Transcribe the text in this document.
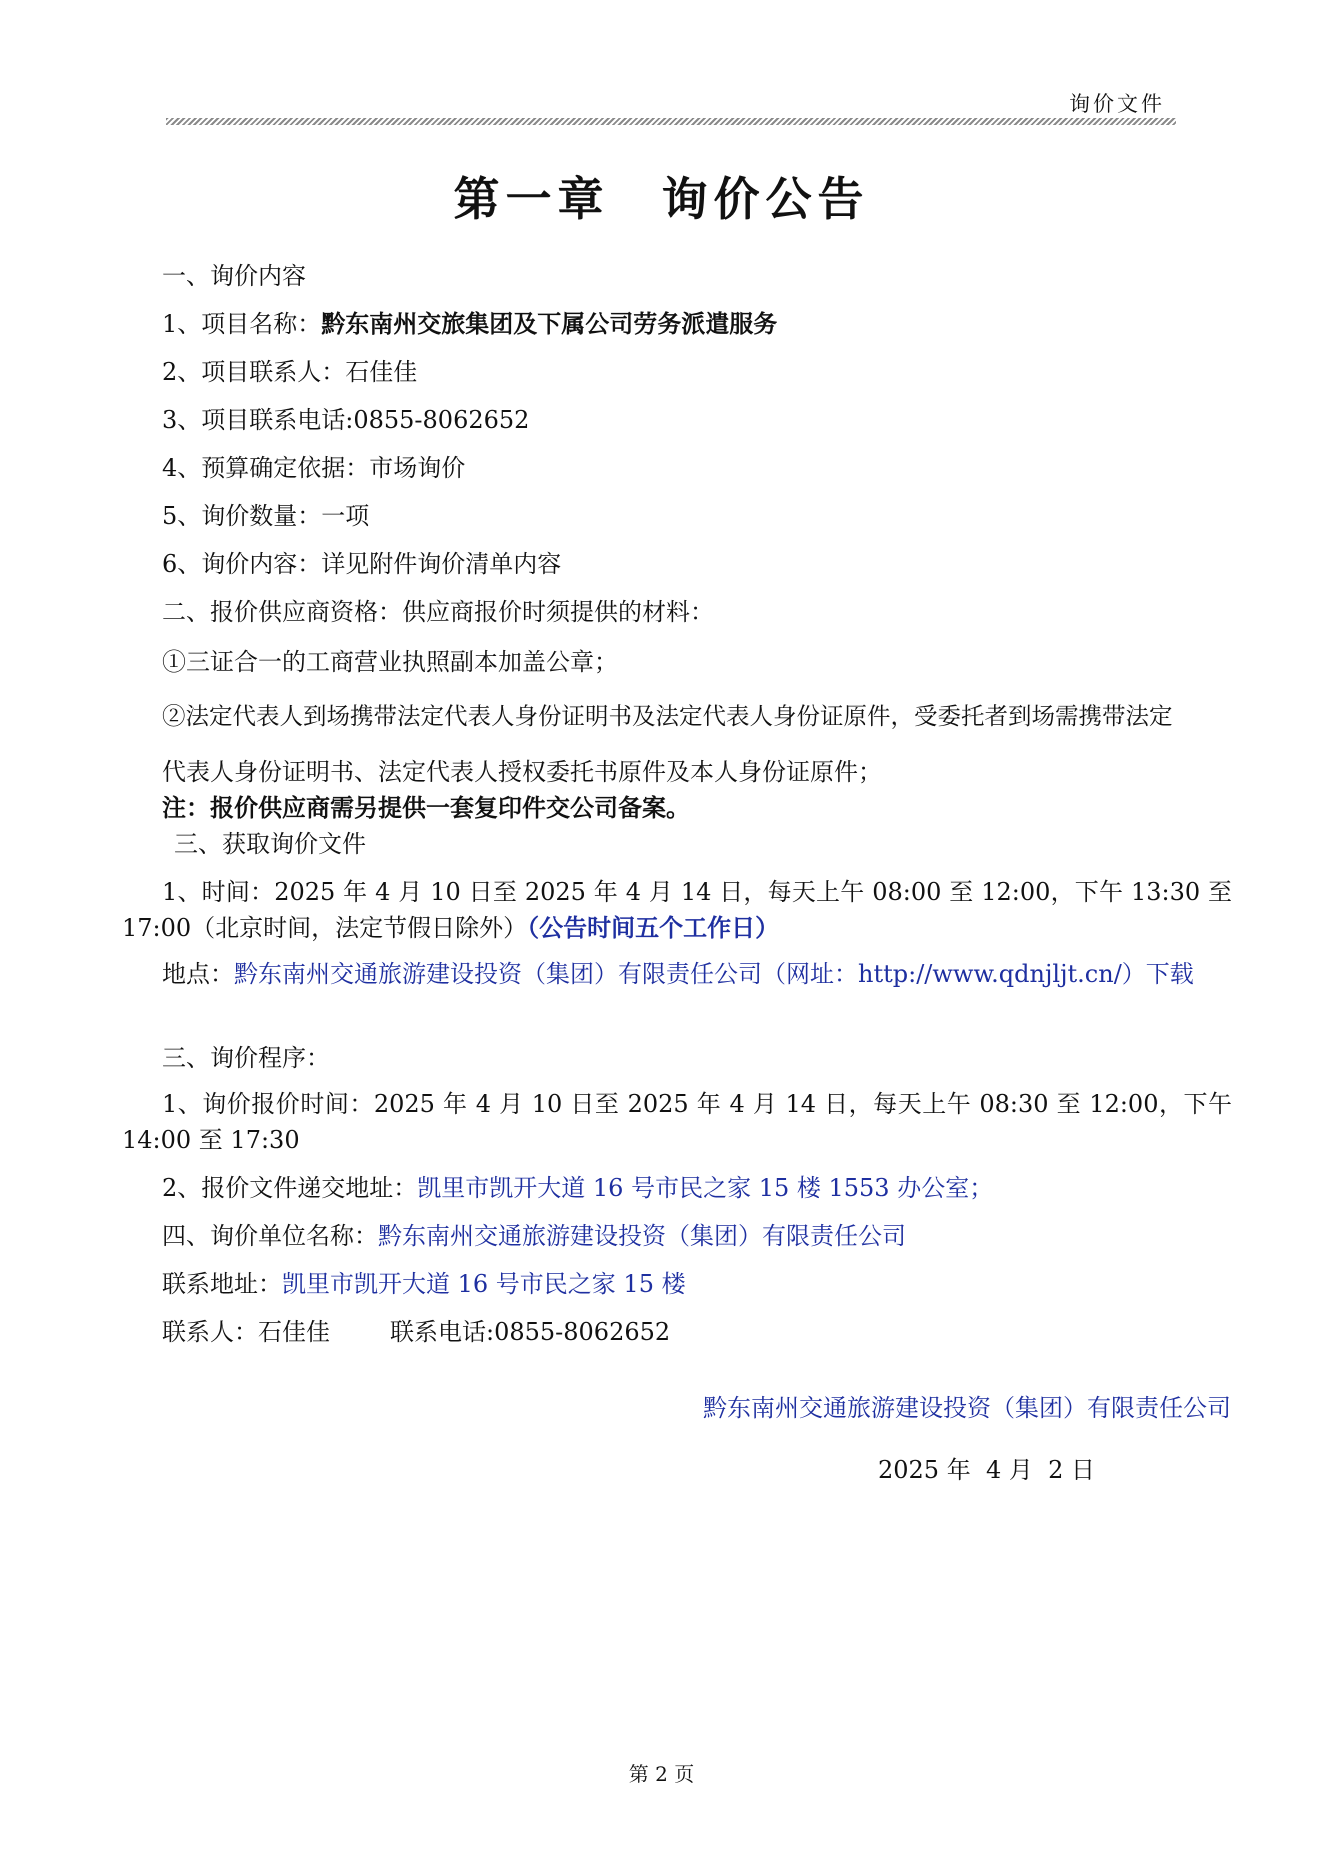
询价文件
第一章　询价公告
一、询价内容
1、项目名称：黔东南州交旅集团及下属公司劳务派遣服务
2、项目联系人：石佳佳
3、项目联系电话:0855-8062652
4、预算确定依据：市场询价
5、询价数量：一项
6、询价内容：详见附件询价清单内容
二、报价供应商资格：供应商报价时须提供的材料：
①三证合一的工商营业执照副本加盖公章；
②法定代表人到场携带法定代表人身份证明书及法定代表人身份证原件，受委托者到场需携带法定
代表人身份证明书、法定代表人授权委托书原件及本人身份证原件；
注：报价供应商需另提供一套复印件交公司备案。
三、获取询价文件
1、时间：2025 年 4 月 10 日至 2025 年 4 月 14 日，每天上午 08:00 至 12:00，下午 13:30 至 17:00（北京时间，法定节假日除外）（公告时间五个工作日）
地点：黔东南州交通旅游建设投资（集团）有限责任公司（网址：http://www.qdnjljt.cn/）下载
三、询价程序：
1、询价报价时间：2025 年 4 月 10 日至 2025 年 4 月 14 日，每天上午 08:30 至 12:00，下午 14:00 至 17:30
2、报价文件递交地址：凯里市凯开大道 16 号市民之家 15 楼 1553 办公室；
四、询价单位名称：黔东南州交通旅游建设投资（集团）有限责任公司
联系地址：凯里市凯开大道 16 号市民之家 15 楼
联系人：石佳佳	联系电话:0855-8062652
黔东南州交通旅游建设投资（集团）有限责任公司
2025 年  4 月  2 日
第 2 页
